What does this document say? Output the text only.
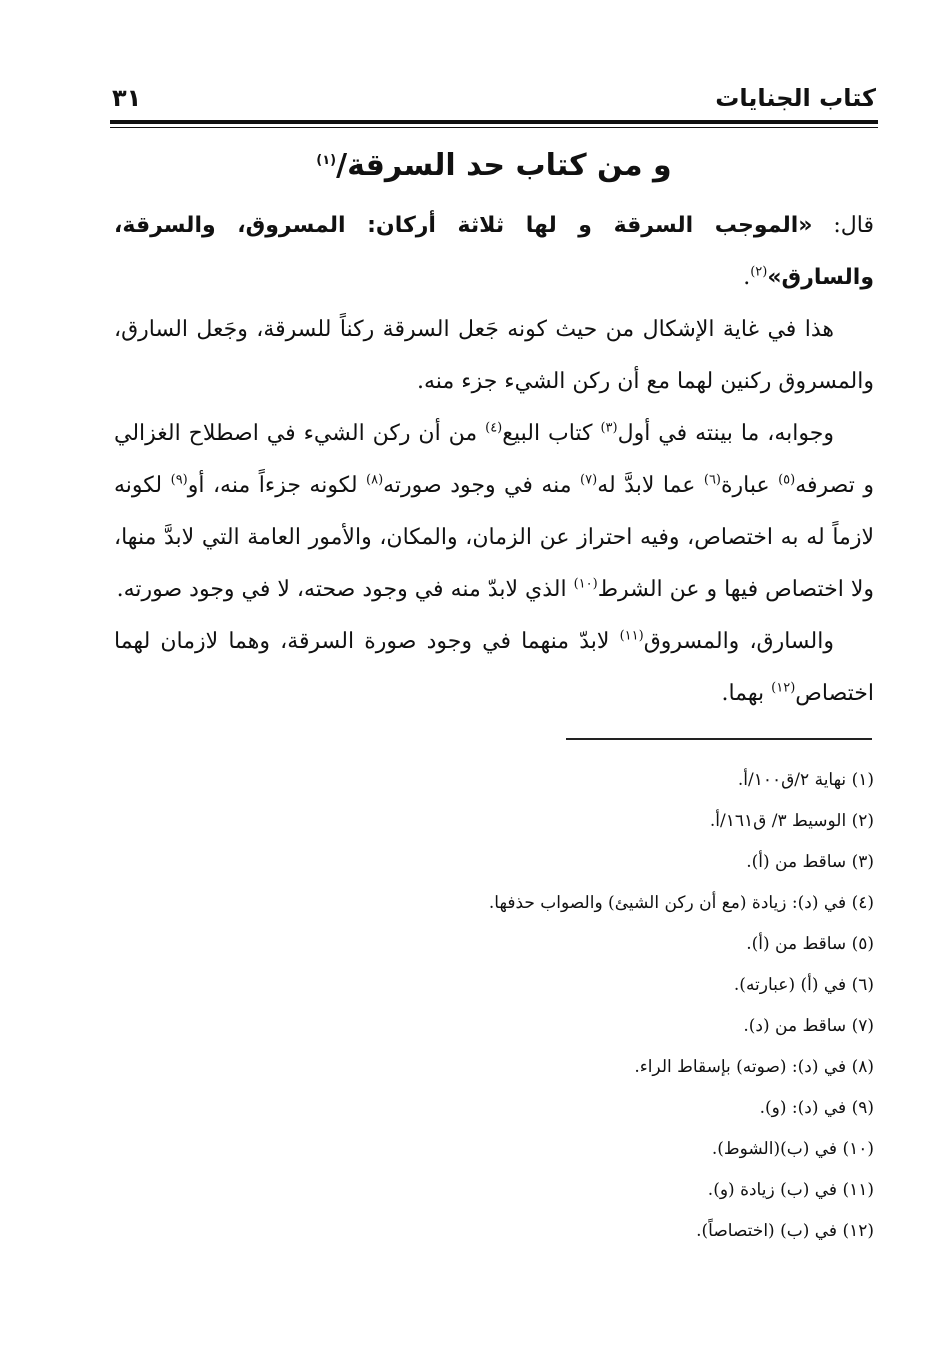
كتاب الجنايات
٣١
و من كتاب حد السرقة/$^{(١)}$

قال: «الموجب السرقة و لها ثلاثة أركان: المسروق، والسرقة، والسارق»$^{(٢)}$.

هذا في غاية الإشكال من حيث كونه جَعل السرقة ركناً للسرقة، وجَعل السارق، والمسروق ركنين لهما مع أن ركن الشيء جزء منه.

وجوابه، ما بينته في أول$^{(٣)}$ كتاب البيع$^{(٤)}$ من أن ركن الشيء في اصطلاح الغزالي و تصرفه$^{(٥)}$ عبارة$^{(٦)}$ عما لابدَّ له$^{(٧)}$ منه في وجود صورته$^{(٨)}$ لكونه جزءاً منه، أو$^{(٩)}$ لكونه لازماً له به اختصاص، وفيه احتراز عن الزمان، والمكان، والأمور العامة التي لابدَّ منها، ولا اختصاص فيها و عن الشرط$^{(١٠)}$ الذي لابدّ منه في وجود صحته، لا في وجود صورته.

والسارق، والمسروق$^{(١١)}$ لابدّ منهما في وجود صورة السرقة، وهما لازمان لهما اختصاص$^{(١٢)}$ بهما.

(١) نهاية ٢/ق١٠٠/أ.
(٢) الوسيط ٣/ ق١٦١/أ.
(٣) ساقط من (أ).
(٤) في (د): زيادة (مع أن ركن الشيئ) والصواب حذفها.
(٥) ساقط من (أ).
(٦) في (أ) (عبارته).
(٧) ساقط من (د).
(٨) في (د): (صوته) بإسقاط الراء.
(٩) في (د): (و).
(١٠) في (ب)(الشوط).
(١١) في (ب) زيادة (و).
(١٢) في (ب) (اختصاصاً).
